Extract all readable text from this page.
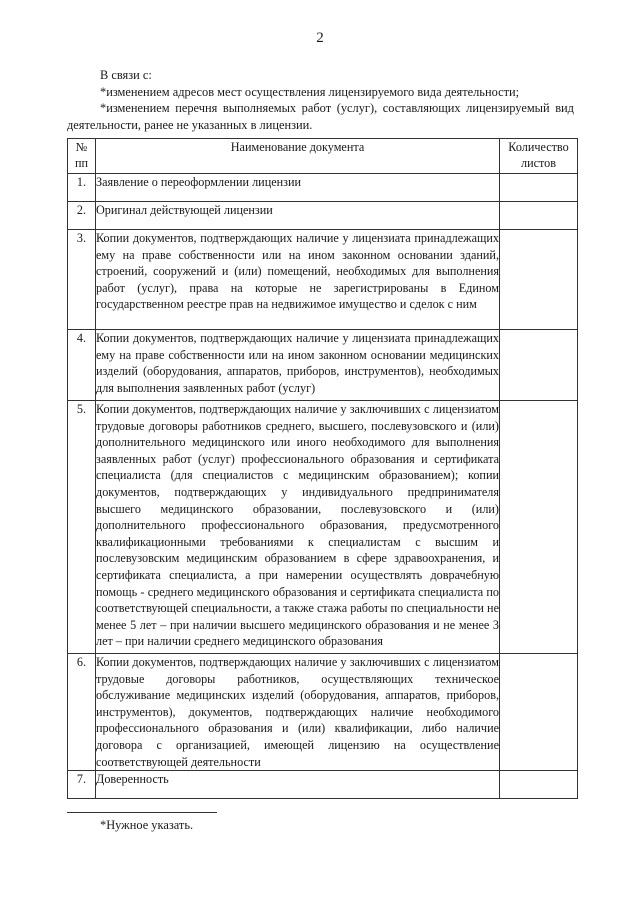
2

В связи с:

*изменением адресов мест осуществления лицензируемого вида деятельности;

*изменением перечня выполняемых работ (услуг), составляющих лицензируемый вид деятельности, ранее не указанных в лицензии.

№ пп	Наименование документа	Количество листов
1.	Заявление о переоформлении лицензии	
2.	Оригинал действующей лицензии	
3.	Копии документов, подтверждающих наличие у лицензиата принадлежащих ему на праве собственности или на ином законном основании зданий, строений, сооружений и (или) помещений, необходимых для выполнения работ (услуг), права на которые не зарегистрированы в Едином государственном реестре прав на недвижимое имущество и сделок с ним	
4.	Копии документов, подтверждающих наличие у лицензиата принадлежащих ему на праве собственности или на ином законном основании медицинских изделий (оборудования, аппаратов, приборов, инструментов), необходимых для выполнения заявленных работ (услуг)	
5.	Копии документов, подтверждающих наличие у заключивших с лицензиатом трудовые договоры работников среднего, высшего, послевузовского и (или) дополнительного медицинского или иного необходимого для выполнения заявленных работ (услуг) профессионального образования и сертификата специалиста (для специалистов с медицинским образованием); копии документов, подтверждающих у индивидуального предпринимателя высшего медицинского образовании, послевузовского и (или) дополнительного профессионального образования, предусмотренного квалификационными требованиями к специалистам с высшим и послевузовским медицинским образованием в сфере здравоохранения, и сертификата специалиста, а при намерении осуществлять доврачебную помощь - среднего медицинского образования и сертификата специалиста по соответствующей специальности, а также стажа работы по специальности не менее 5 лет – при наличии высшего медицинского образования и не менее 3 лет – при наличии среднего медицинского образования	
6.	Копии документов, подтверждающих наличие у заключивших с лицензиатом трудовые договоры работников, осуществляющих техническое обслуживание медицинских изделий (оборудования, аппаратов, приборов, инструментов), документов, подтверждающих наличие необходимого профессионального образования и (или) квалификации, либо наличие договора с организацией, имеющей лицензию на осуществление соответствующей деятельности	
7.	Доверенность	
*Нужное указать.
